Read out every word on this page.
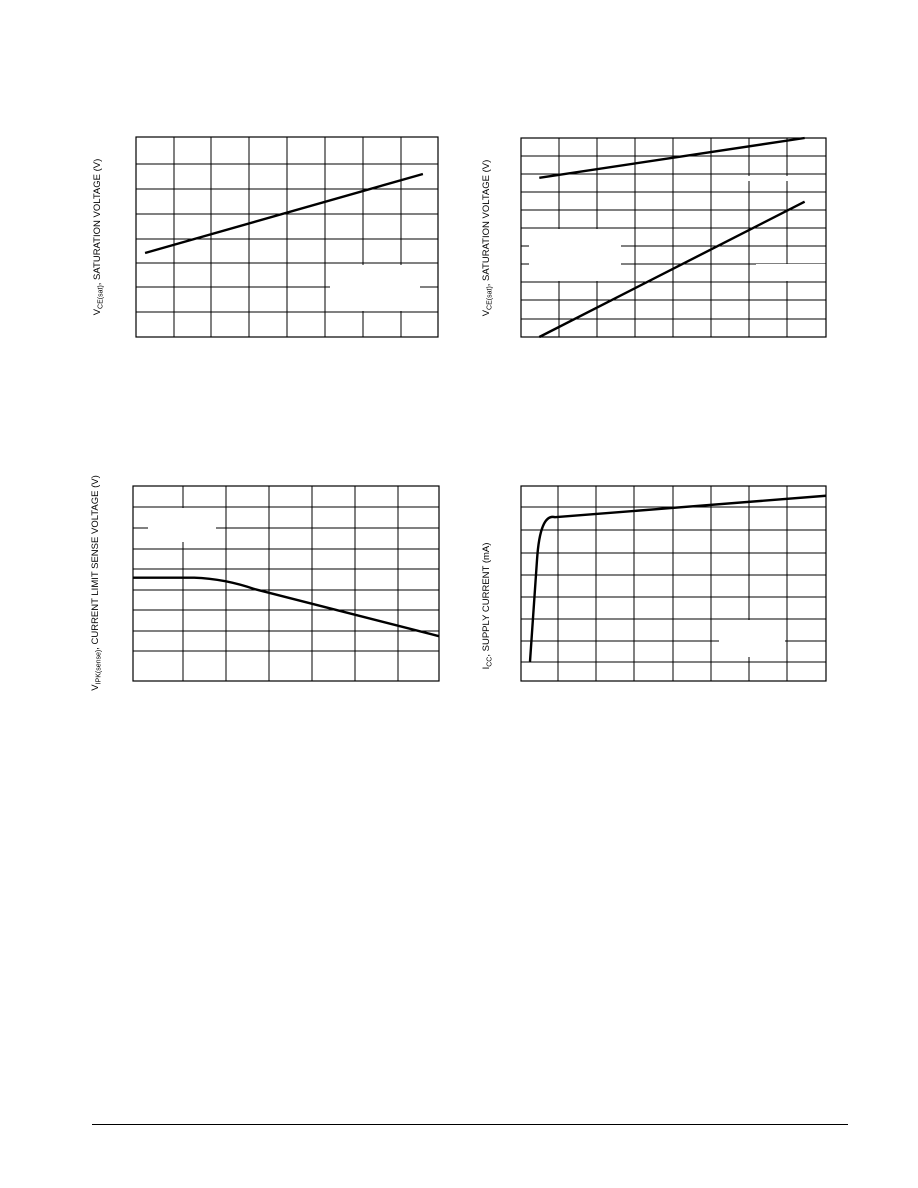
$V_{CE(sat)}$, SATURATION VOLTAGE (V)
$V_{CE(sat)}$, SATURATION VOLTAGE (V)
$V_{IPK(sense)}$, CURRENT LIMIT SENSE VOLTAGE (V)
$I_{CC}$, SUPPLY CURRENT (mA)
